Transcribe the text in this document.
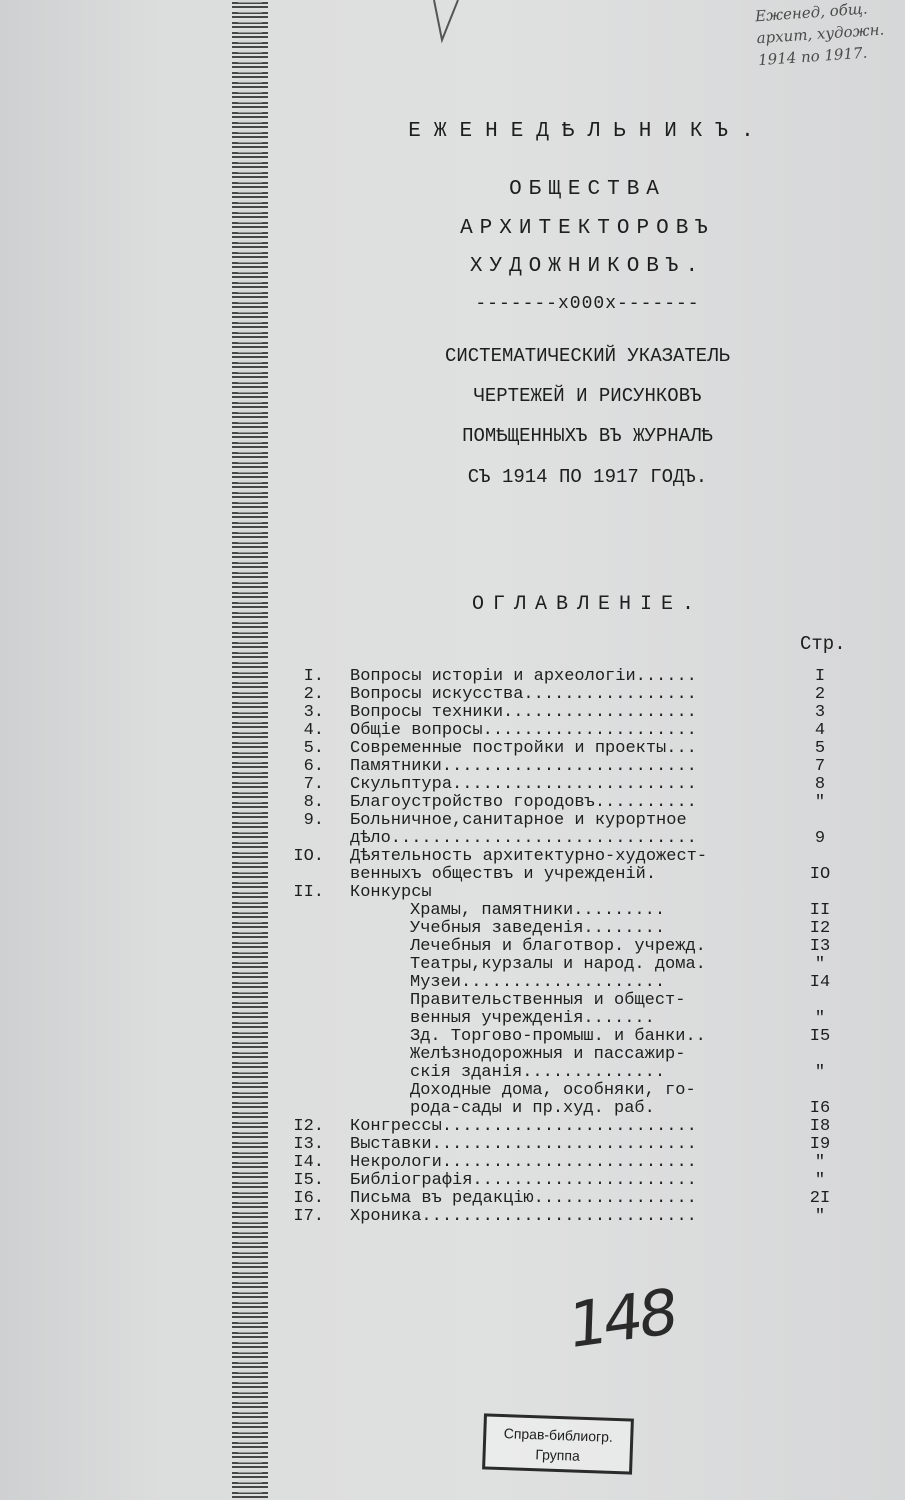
Еженед, общ.
архит, художн.
1914 по 1917.
ЕЖЕНЕДѢЛЬНИКЪ.
ОБЩЕСТВА
АРХИТЕКТОРОВЪ
ХУДОЖНИКОВЪ.
-------х000х-------
СИСТЕМАТИЧЕСКИЙ УКАЗАТЕЛЬ
ЧЕРТЕЖЕЙ И РИСУНКОВЪ
ПОМѢЩЕННЫХЪ ВЪ ЖУРНАЛѢ
СЪ 1914 ПО 1917 ГОДЪ.
ОГЛАВЛЕНIЕ.
Стр.
I. Вопросы исторiи и археологiи......	I
2. Вопросы искусства.................	2
3. Вопросы техники...................	3
4. Общiе вопросы.....................	4
5. Современные постройки и проекты...	5
6. Памятники.........................	7
7. Скульптура........................	8
8. Благоустройство городовъ..........	"
9. Больничное,санитарное и курортное
дѣло..............................	9
IO. Дѣятельность архитектурно-художест-
венныхъ обществъ и учрежденiй.	IO
II. Конкурсы
Храмы, памятники.........	II
Учебныя заведенiя........	I2
Лечебныя и благотвор. учрежд.	I3
Театры,курзалы и народ. дома.	"
Музеи....................	I4
Правительственныя и общест-
венныя учрежденiя.......	"
Зд. Торгово-промыш. и банки..	I5
Желѣзнодорожныя и пассажир-
скiя зданiя..............	"
Доходные дома, особняки, го-
рода-сады и пр.худ. раб.	I6
I2. Конгрессы.........................	I8
I3. Выставки..........................	I9
I4. Некрологи.........................	"
I5. Библiографiя......................	"
I6. Письма въ редакцiю................	2I
I7. Хроника...........................	"
148
Справ-библиогр.
Группа
